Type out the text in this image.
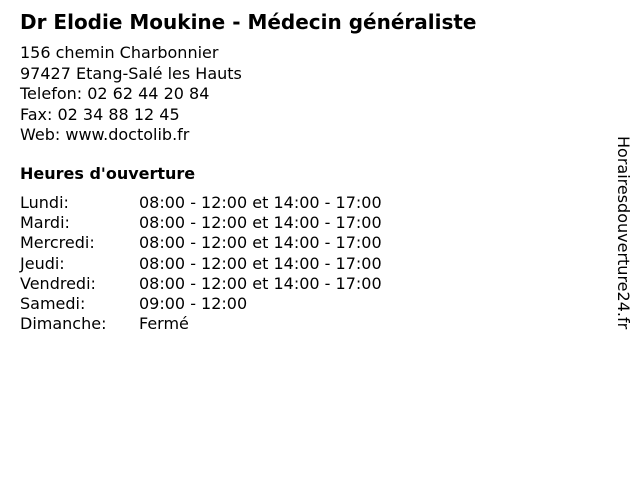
Dr Elodie Moukine - Médecin généraliste
156 chemin Charbonnier
97427 Etang-Salé les Hauts
Telefon: 02 62 44 20 84
Fax: 02 34 88 12 45
Web: www.doctolib.fr
Heures d'ouverture
Lundi:	08:00 - 12:00 et 14:00 - 17:00
Mardi:	08:00 - 12:00 et 14:00 - 17:00
Mercredi:	08:00 - 12:00 et 14:00 - 17:00
Jeudi:	08:00 - 12:00 et 14:00 - 17:00
Vendredi:	08:00 - 12:00 et 14:00 - 17:00
Samedi:	09:00 - 12:00
Dimanche:	Fermé	Horairesdouverture24.fr
